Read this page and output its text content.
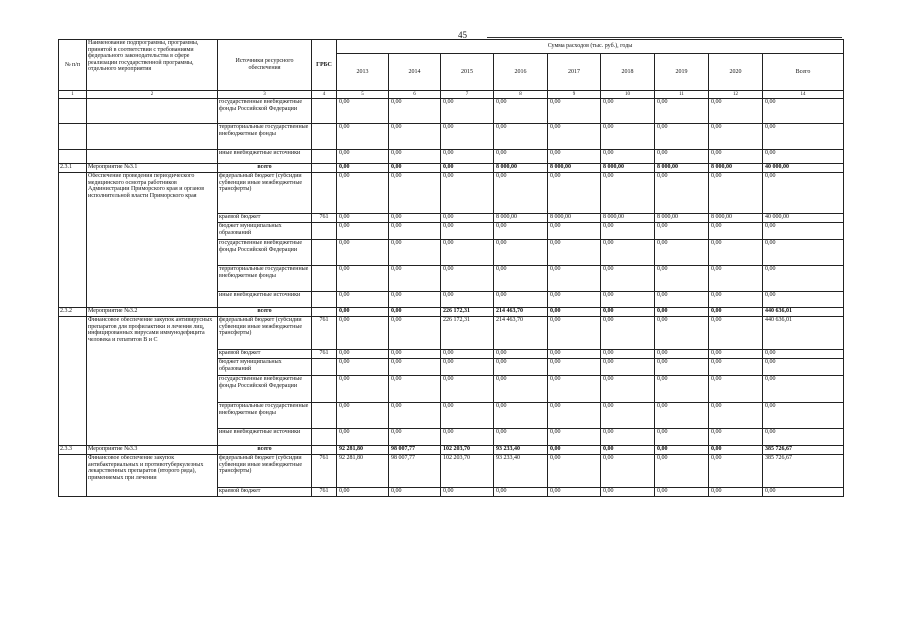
45
№ п/п	Наименование подпрограммы, программы, принятой в соответствии с требованиями федерального законодательства в сфере реализации государственной программы, отдельного мероприятия	Источники ресурсного обеспечения	ГРБС	Сумма расходов (тыс. руб.), годы								
				2013	2014	2015	2016	2017	2018	2019	2020	Всего
1	2	3	4	5	6	7	8	9	10	11	12	14
		государственные внебюджетные фонды Российской Федерации		0,00	0,00	0,00	0,00	0,00	0,00	0,00	0,00	0,00
		территориальные государственные внебюджетные фонды		0,00	0,00	0,00	0,00	0,00	0,00	0,00	0,00	0,00
		иные внебюджетные источники		0,00	0,00	0,00	0,00	0,00	0,00	0,00	0,00	0,00
2.3.1	Мероприятие №3.1	всего		0,00	0,00	0,00	8 000,00	8 000,00	8 000,00	8 000,00	8 000,00	40 000,00
	Обеспечение проведения периодического медицинского осмотра работников Администрации Приморского края и органов исполнительной власти Приморского края	федеральный бюджет (субсидии субвенции иные межбюджетные трансферты)		0,00	0,00	0,00	0,00	0,00	0,00	0,00	0,00	0,00
		краевой бюджет	761	0,00	0,00	0,00	8 000,00	8 000,00	8 000,00	8 000,00	8 000,00	40 000,00
		бюджет муниципальных образований		0,00	0,00	0,00	0,00	0,00	0,00	0,00	0,00	0,00
		государственные внебюджетные фонды Российской Федерации		0,00	0,00	0,00	0,00	0,00	0,00	0,00	0,00	0,00
		территориальные государственные внебюджетные фонды		0,00	0,00	0,00	0,00	0,00	0,00	0,00	0,00	0,00
		иные внебюджетные источники		0,00	0,00	0,00	0,00	0,00	0,00	0,00	0,00	0,00
2.3.2	Мероприятие №3.2	всего		0,00	0,00	226 172,31	214 463,70	0,00	0,00	0,00	0,00	440 636,01
	Финансовое обеспечение закупок антивирусных препаратов для профилактики и лечения лиц, инфицированных вирусами иммунодефицита человека и гепатитов В и С	федеральный бюджет (субсидии субвенции иные межбюджетные трансферты)	761	0,00	0,00	226 172,31	214 463,70	0,00	0,00	0,00	0,00	440 636,01
		краевой бюджет	761	0,00	0,00	0,00	0,00	0,00	0,00	0,00	0,00	0,00
		бюджет муниципальных образований		0,00	0,00	0,00	0,00	0,00	0,00	0,00	0,00	0,00
		государственные внебюджетные фонды Российской Федерации		0,00	0,00	0,00	0,00	0,00	0,00	0,00	0,00	0,00
		территориальные государственные внебюджетные фонды		0,00	0,00	0,00	0,00	0,00	0,00	0,00	0,00	0,00
		иные внебюджетные источники		0,00	0,00	0,00	0,00	0,00	0,00	0,00	0,00	0,00
2.3.3	Мероприятие №3.3	всего		92 281,80	98 007,77	102 203,70	93 233,40	0,00	0,00	0,00	0,00	385 726,67
	Финансовое обеспечение закупок антибактериальных и противотуберкулезных лекарственных препаратов (второго ряда), применяемых при лечении	федеральный бюджет (субсидии субвенции иные межбюджетные трансферты)	761	92 281,80	98 007,77	102 203,70	93 233,40	0,00	0,00	0,00	0,00	385 726,67
		краевой бюджет	761	0,00	0,00	0,00	0,00	0,00	0,00	0,00	0,00	0,00
